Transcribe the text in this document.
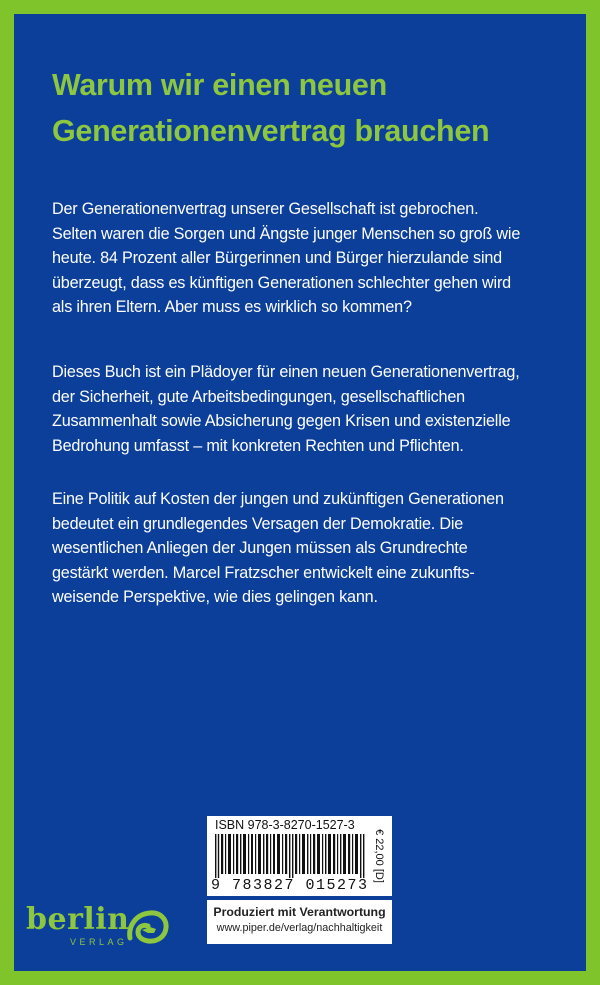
Warum wir einen neuen
Generationenvertrag brauchen
Der Generationenvertrag unserer Gesellschaft ist gebrochen.
Selten waren die Sorgen und Ängste junger Menschen so groß wie
heute. 84 Prozent aller Bürgerinnen und Bürger hierzulande sind
überzeugt, dass es künftigen Generationen schlechter gehen wird
als ihren Eltern. Aber muss es wirklich so kommen?
Dieses Buch ist ein Plädoyer für einen neuen Generationenvertrag,
der Sicherheit, gute Arbeitsbedingungen, gesellschaftlichen
Zusammenhalt sowie Absicherung gegen Krisen und existenzielle
Bedrohung umfasst – mit konkreten Rechten und Pflichten.
Eine Politik auf Kosten der jungen und zukünftigen Generationen
bedeutet ein grundlegendes Versagen der Demokratie. Die
wesentlichen Anliegen der Jungen müssen als Grundrechte
gestärkt werden. Marcel Fratzscher entwickelt eine zukunfts-
weisende Perspektive, wie dies gelingen kann.
ISBN 978-3-8270-1527-3
9 783827 015273
€ 22,00 [D]
Produziert mit Verantwortung
www.piper.de/verlag/nachhaltigkeit
berlin
VERLAG
